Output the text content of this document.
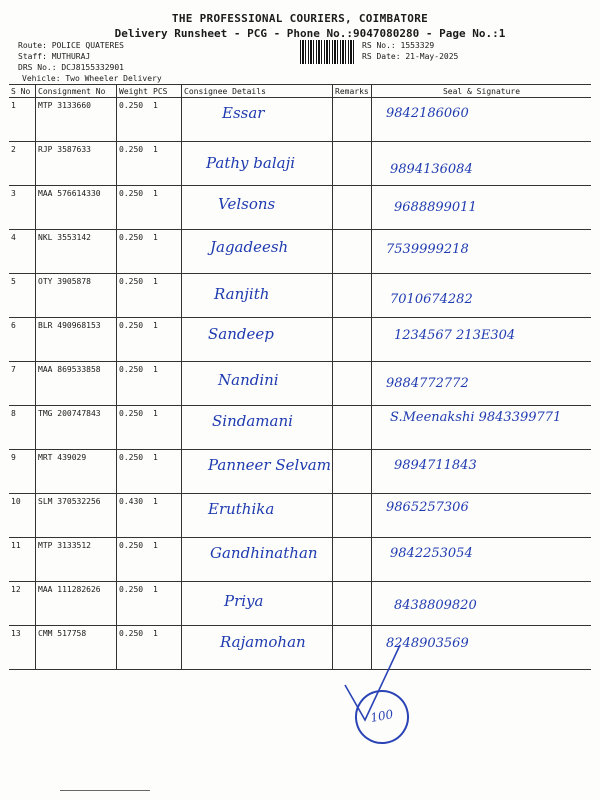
THE PROFESSIONAL COURIERS, COIMBATORE
Delivery Runsheet - PCG - Phone No.:9047080280 - Page No.:1
Route: POLICE QUATERES
Staff: MUTHURAJ
DRS No.: DCJ8155332901
Vehicle: Two Wheeler Delivery
RS No.: 1553329
RS Date: 21-May-2025
S No	Consignment No	Weight	PCS	Consignee Details	Remarks	Seal & Signature
1	MTP 3133660	0.250	1	Essar		9842186060

2	RJP 3587633	0.250	1	Pathy balaji		9894136084

3	MAA 576614330	0.250	1	Velsons		9688899011

4	NKL 3553142	0.250	1	Jagadeesh		7539999218

5	OTY 3905878	0.250	1	Ranjith		7010674282

6	BLR 490968153	0.250	1	Sandeep		1234567 213E304

7	MAA 869533858	0.250	1	Nandini		9884772772

8	TMG 200747843	0.250	1	Sindamani		S.Meenakshi 9843399771

9	MRT 439029	0.250	1	Panneer Selvam		9894711843

10	SLM 370532256	0.430	1	Eruthika		9865257306

11	MTP 3133512	0.250	1	Gandhinathan		9842253054

12	MAA 111282626	0.250	1	Priya		8438809820

13	CMM 517758	0.250	1	Rajamohan		8248903569
100
